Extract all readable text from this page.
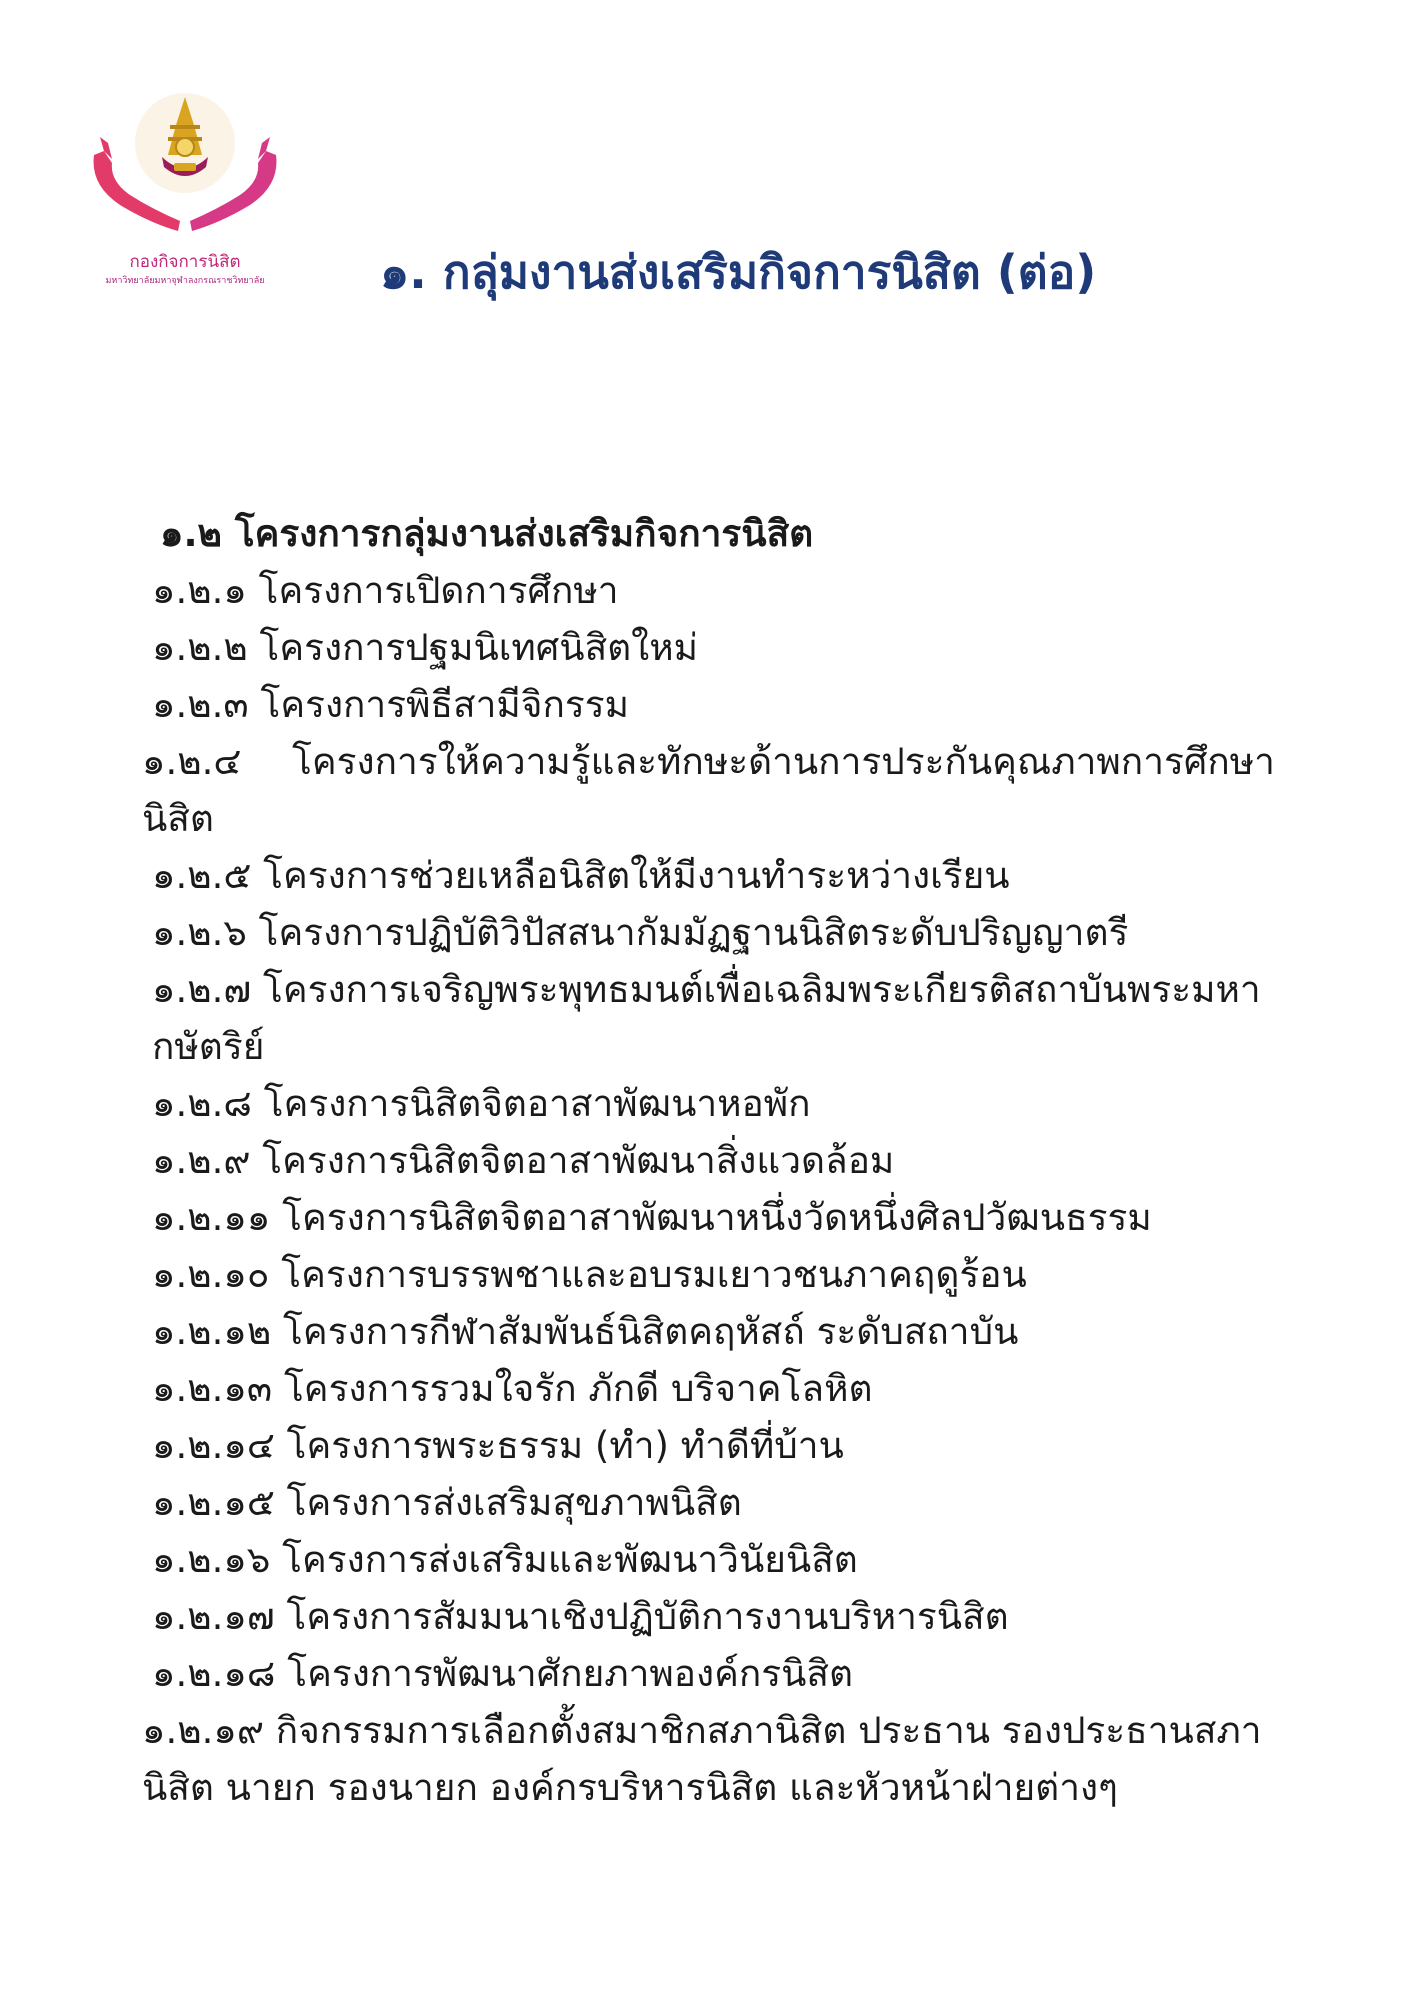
กองกิจการนิสิต
มหาวิทยาลัยมหาจุฬาลงกรณราชวิทยาลัย	๑. กลุ่มงานส่งเสริมกิจการนิสิต (ต่อ)
๑.๒ โครงการกลุ่มงานส่งเสริมกิจการนิสิต
๑.๒.๑ โครงการเปิดการศึกษา
๑.๒.๒ โครงการปฐมนิเทศนิสิตใหม่
๑.๒.๓ โครงการพิธีสามีจิกรรม
๑.๒.๔ โครงการให้ความรู้และทักษะด้านการประกันคุณภาพการศึกษานิสิต
๑.๒.๕ โครงการช่วยเหลือนิสิตให้มีงานทำระหว่างเรียน
๑.๒.๖ โครงการปฏิบัติวิปัสสนากัมมัฏฐานนิสิตระดับปริญญาตรี
๑.๒.๗ โครงการเจริญพระพุทธมนต์เพื่อเฉลิมพระเกียรติสถาบันพระมหากษัตริย์
๑.๒.๘ โครงการนิสิตจิตอาสาพัฒนาหอพัก
๑.๒.๙ โครงการนิสิตจิตอาสาพัฒนาสิ่งแวดล้อม
๑.๒.๑๑ โครงการนิสิตจิตอาสาพัฒนาหนึ่งวัดหนึ่งศิลปวัฒนธรรม
๑.๒.๑๐ โครงการบรรพชาและอบรมเยาวชนภาคฤดูร้อน
๑.๒.๑๒ โครงการกีฬาสัมพันธ์นิสิตคฤหัสถ์ ระดับสถาบัน
๑.๒.๑๓ โครงการรวมใจรัก ภักดี บริจาคโลหิต
๑.๒.๑๔ โครงการพระธรรม (ทำ) ทำดีที่บ้าน
๑.๒.๑๕ โครงการส่งเสริมสุขภาพนิสิต
๑.๒.๑๖ โครงการส่งเสริมและพัฒนาวินัยนิสิต
๑.๒.๑๗ โครงการสัมมนาเชิงปฏิบัติการงานบริหารนิสิต
๑.๒.๑๘ โครงการพัฒนาศักยภาพองค์กรนิสิต
๑.๒.๑๙ กิจกรรมการเลือกตั้งสมาชิกสภานิสิต ประธาน รองประธานสภานิสิต นายก รองนายก องค์กรบริหารนิสิต และหัวหน้าฝ่ายต่างๆ
